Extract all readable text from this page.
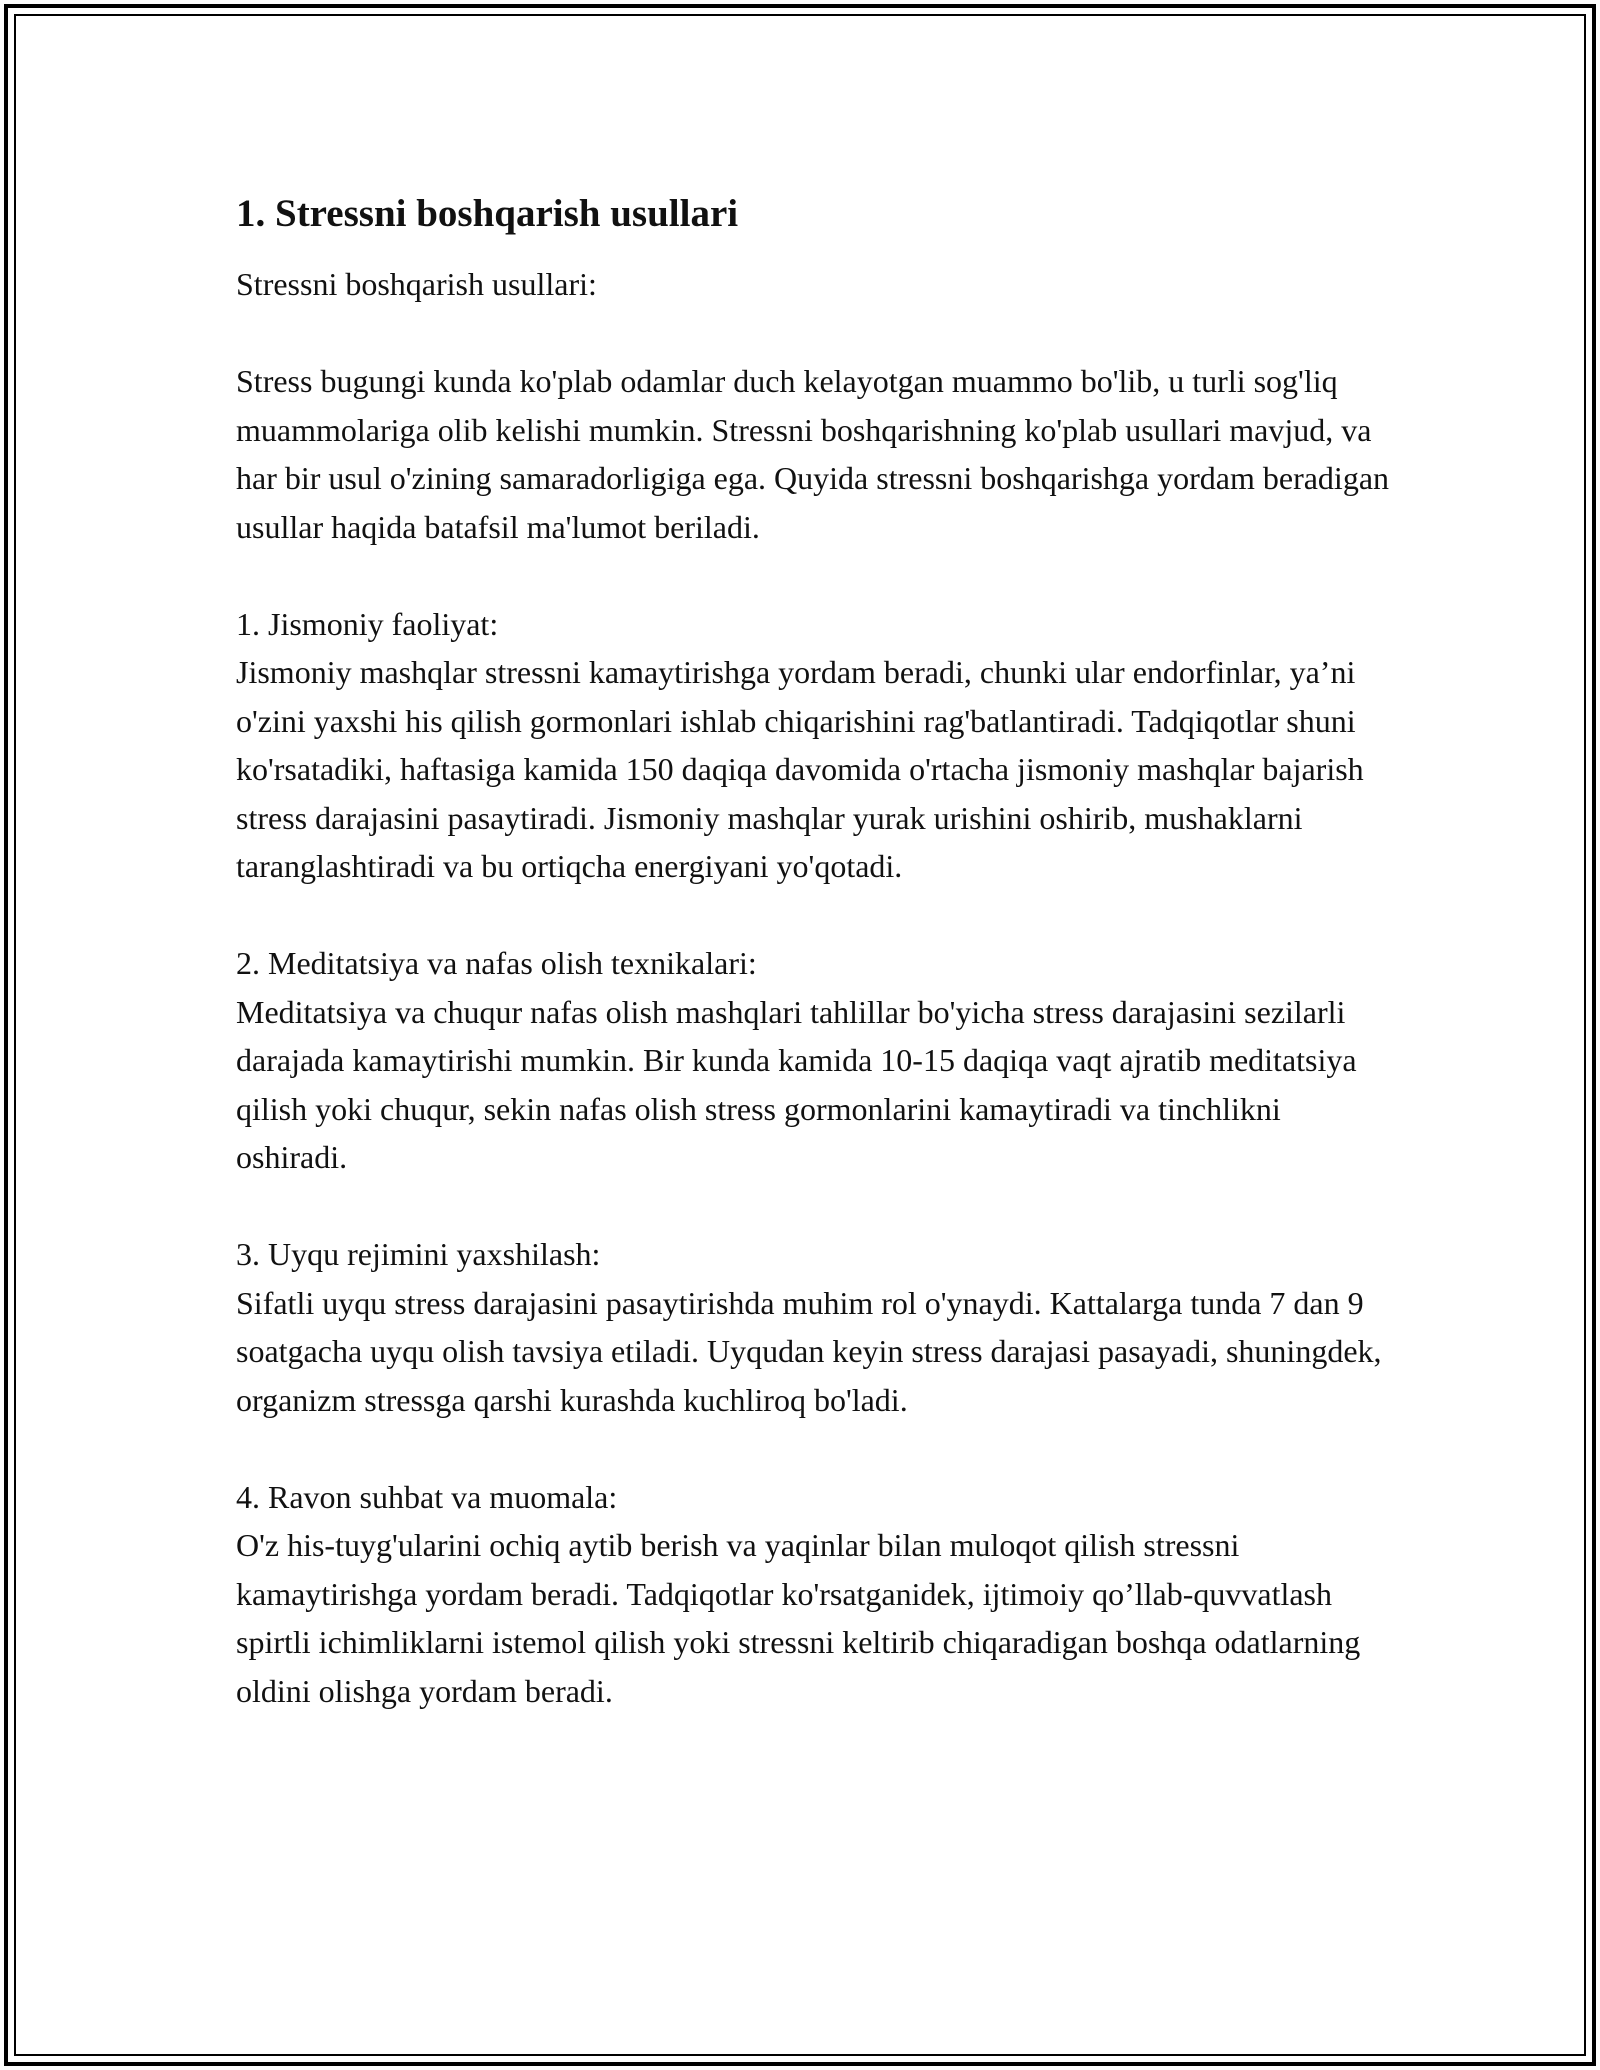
1. Stressni boshqarish usullari

Stressni boshqarish usullari:

Stress bugungi kunda ko'plab odamlar duch kelayotgan muammo bo'lib, u turli sog'liq muammolariga olib kelishi mumkin. Stressni boshqarishning ko'plab usullari mavjud, va har bir usul o'zining samaradorligiga ega. Quyida stressni boshqarishga yordam beradigan usullar haqida batafsil ma'lumot beriladi.

1. Jismoniy faoliyat:

Jismoniy mashqlar stressni kamaytirishga yordam beradi, chunki ular endorfinlar, ya’ni o'zini yaxshi his qilish gormonlari ishlab chiqarishini rag'batlantiradi. Tadqiqotlar shuni ko'rsatadiki, haftasiga kamida 150 daqiqa davomida o'rtacha jismoniy mashqlar bajarish stress darajasini pasaytiradi. Jismoniy mashqlar yurak urishini oshirib, mushaklarni taranglashtiradi va bu ortiqcha energiyani yo'qotadi.

2. Meditatsiya va nafas olish texnikalari:

Meditatsiya va chuqur nafas olish mashqlari tahlillar bo'yicha stress darajasini sezilarli darajada kamaytirishi mumkin. Bir kunda kamida 10-15 daqiqa vaqt ajratib meditatsiya qilish yoki chuqur, sekin nafas olish stress gormonlarini kamaytiradi va tinchlikni oshiradi.

3. Uyqu rejimini yaxshilash:

Sifatli uyqu stress darajasini pasaytirishda muhim rol o'ynaydi. Kattalarga tunda 7 dan 9 soatgacha uyqu olish tavsiya etiladi. Uyqudan keyin stress darajasi pasayadi, shuningdek, organizm stressga qarshi kurashda kuchliroq bo'ladi.

4. Ravon suhbat va muomala:

O'z his-tuyg'ularini ochiq aytib berish va yaqinlar bilan muloqot qilish stressni kamaytirishga yordam beradi. Tadqiqotlar ko'rsatganidek, ijtimoiy qo’llab-quvvatlash spirtli ichimliklarni istemol qilish yoki stressni keltirib chiqaradigan boshqa odatlarning oldini olishga yordam beradi.
